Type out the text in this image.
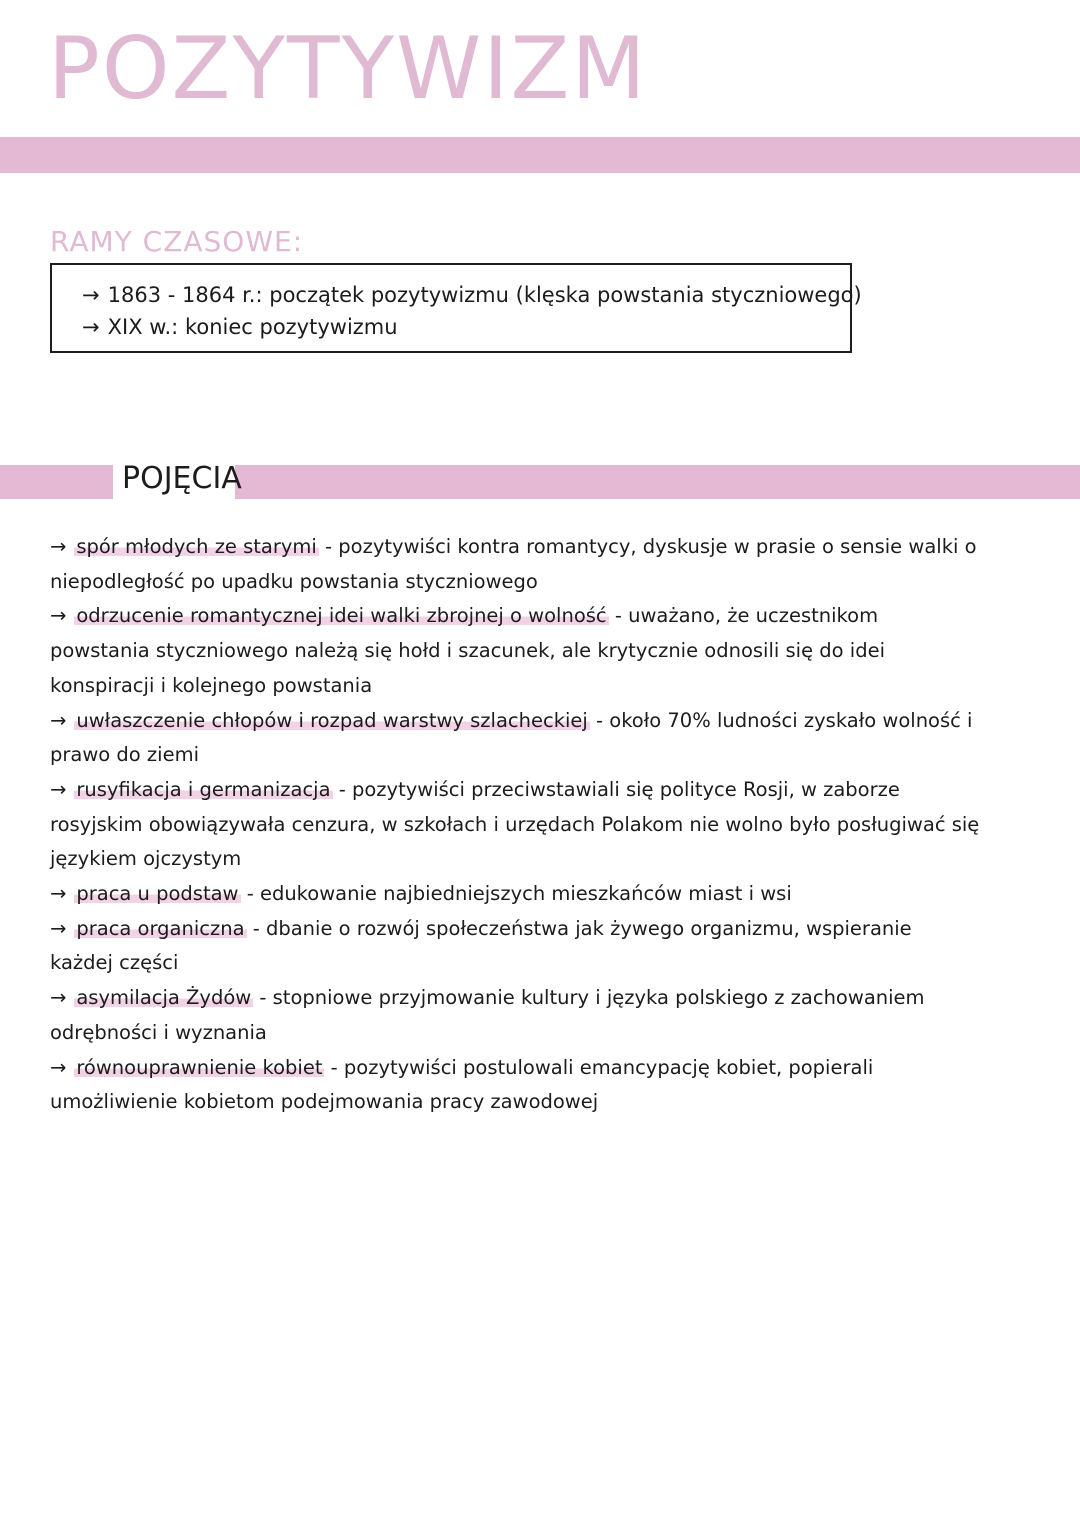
POZYTYWIZM
RAMY CZASOWE:
→ 1863 - 1864 r.: początek pozytywizmu (klęska powstania styczniowego)
→ XIX w.: koniec pozytywizmu
POJĘCIA

→ spór młodych ze starymi - pozytywiści kontra romantycy, dyskusje w prasie o sensie walki o niepodległość po upadku powstania styczniowego

→ odrzucenie romantycznej idei walki zbrojnej o wolność - uważano, że uczestnikom powstania styczniowego należą się hołd i szacunek, ale krytycznie odnosili się do idei konspiracji i kolejnego powstania

→ uwłaszczenie chłopów i rozpad warstwy szlacheckiej - około 70% ludności zyskało wolność i prawo do ziemi

→ rusyfikacja i germanizacja - pozytywiści przeciwstawiali się polityce Rosji, w zaborze rosyjskim obowiązywała cenzura, w szkołach i urzędach Polakom nie wolno było posługiwać się językiem ojczystym

→ praca u podstaw - edukowanie najbiedniejszych mieszkańców miast i wsi

→ praca organiczna - dbanie o rozwój społeczeństwa jak żywego organizmu, wspieranie każdej części

→ asymilacja Żydów - stopniowe przyjmowanie kultury i języka polskiego z zachowaniem odrębności i wyznania

→ równouprawnienie kobiet - pozytywiści postulowali emancypację kobiet, popierali umożliwienie kobietom podejmowania pracy zawodowej
